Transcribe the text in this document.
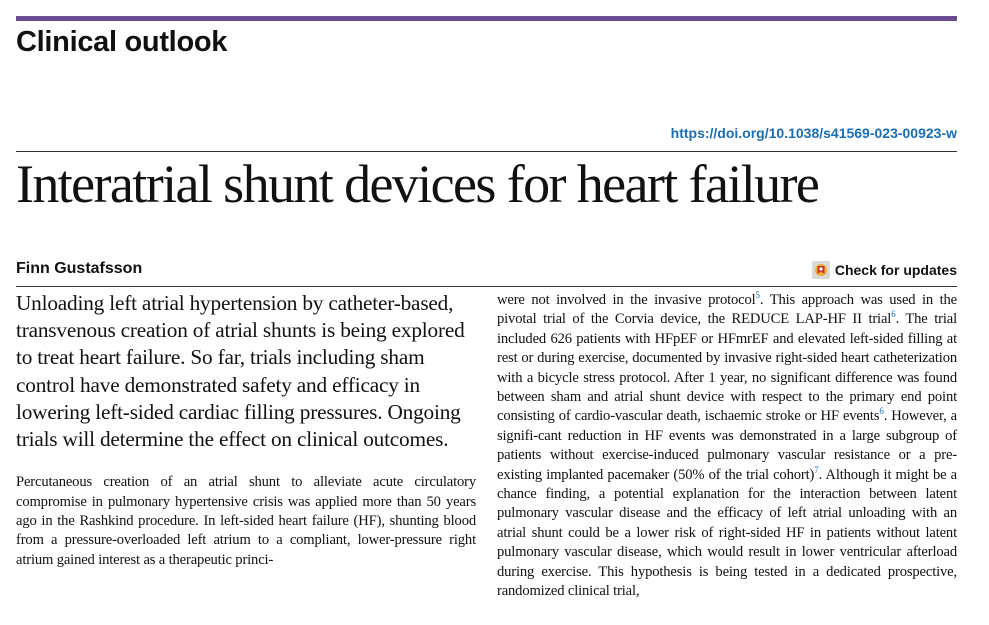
Clinical outlook
https://doi.org/10.1038/s41569-023-00923-w
Interatrial shunt devices for heart failure
Finn Gustafsson	Check for updates

Unloading left atrial hypertension by catheter-based, transvenous creation of atrial shunts is being explored to treat heart failure. So far, trials including sham control have demonstrated safety and efficacy in lowering left-sided cardiac filling pressures. Ongoing trials will determine the effect on clinical outcomes.

Percutaneous creation of an atrial shunt to alleviate acute circulatory compromise in pulmonary hypertensive crisis was applied more than 50 years ago in the Rashkind procedure. In left-sided heart failure (HF), shunting blood from a pressure-overloaded left atrium to a compliant, lower-pressure right atrium gained interest as a therapeutic princi-

were not involved in the invasive protocol$^5$. This approach was used in the pivotal trial of the Corvia device, the REDUCE LAP-HF II trial$^6$. The trial included 626 patients with HFpEF or HFmrEF and elevated left-sided filling at rest or during exercise, documented by invasive right-sided heart catheterization with a bicycle stress protocol. After 1 year, no significant difference was found between sham and atrial shunt device with respect to the primary end point consisting of cardio-vascular death, ischaemic stroke or HF events$^6$. However, a signifi-cant reduction in HF events was demonstrated in a large subgroup of patients without exercise-induced pulmonary vascular resistance or a pre-existing implanted pacemaker (50% of the trial cohort)$^7$. Although it might be a chance finding, a potential explanation for the interaction between latent pulmonary vascular disease and the efficacy of left atrial unloading with an atrial shunt could be a lower risk of right-sided HF in patients without latent pulmonary vascular disease, which would result in lower ventricular afterload during exercise. This hypothesis is being tested in a dedicated prospective, randomized clinical trial,
